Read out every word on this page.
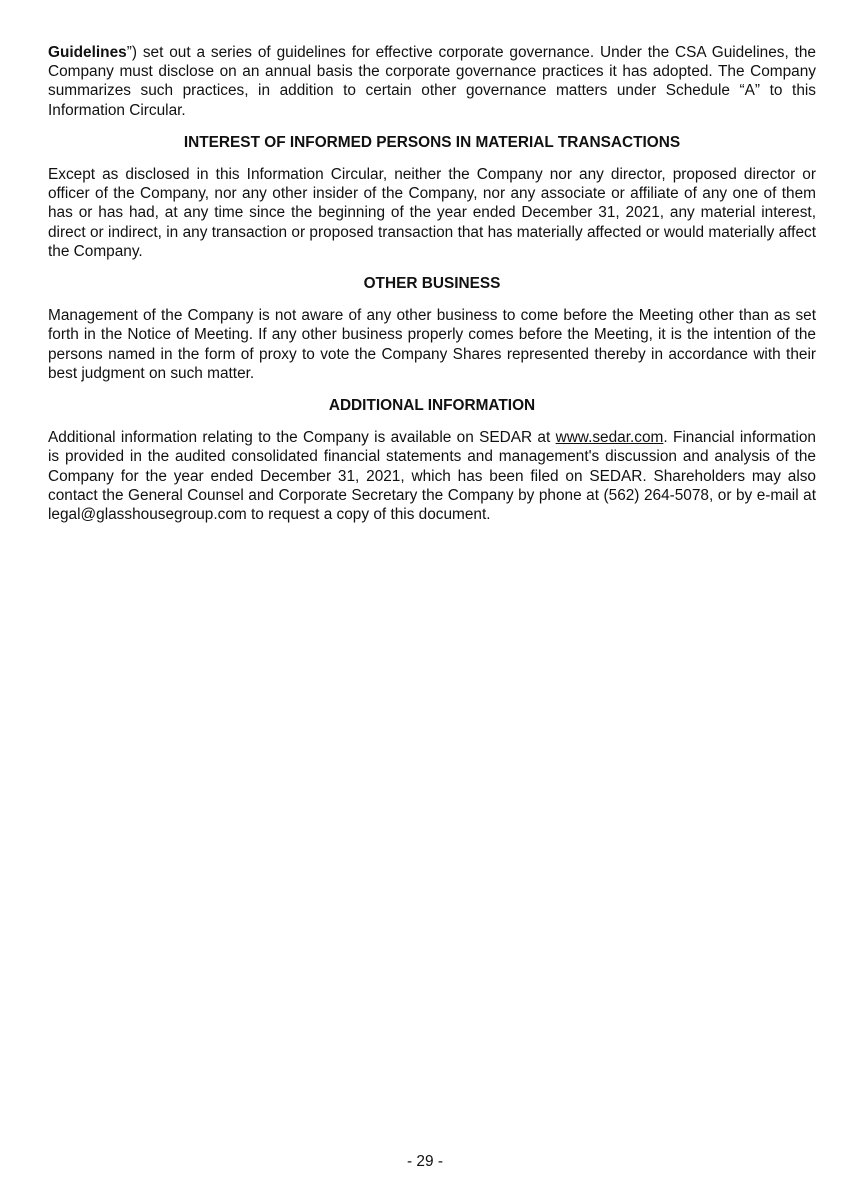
Guidelines”) set out a series of guidelines for effective corporate governance. Under the CSA Guidelines, the Company must disclose on an annual basis the corporate governance practices it has adopted. The Company summarizes such practices, in addition to certain other governance matters under Schedule “A” to this Information Circular.

INTEREST OF INFORMED PERSONS IN MATERIAL TRANSACTIONS

Except as disclosed in this Information Circular, neither the Company nor any director, proposed director or officer of the Company, nor any other insider of the Company, nor any associate or affiliate of any one of them has or has had, at any time since the beginning of the year ended December 31, 2021, any material interest, direct or indirect, in any transaction or proposed transaction that has materially affected or would materially affect the Company.

OTHER BUSINESS

Management of the Company is not aware of any other business to come before the Meeting other than as set forth in the Notice of Meeting. If any other business properly comes before the Meeting, it is the intention of the persons named in the form of proxy to vote the Company Shares represented thereby in accordance with their best judgment on such matter.

ADDITIONAL INFORMATION

Additional information relating to the Company is available on SEDAR at www.sedar.com. Financial information is provided in the audited consolidated financial statements and management's discussion and analysis of the Company for the year ended December 31, 2021, which has been filed on SEDAR. Shareholders may also contact the General Counsel and Corporate Secretary the Company by phone at (562) 264-5078, or by e-mail at legal@glasshousegroup.com to request a copy of this document.

- 29 -
